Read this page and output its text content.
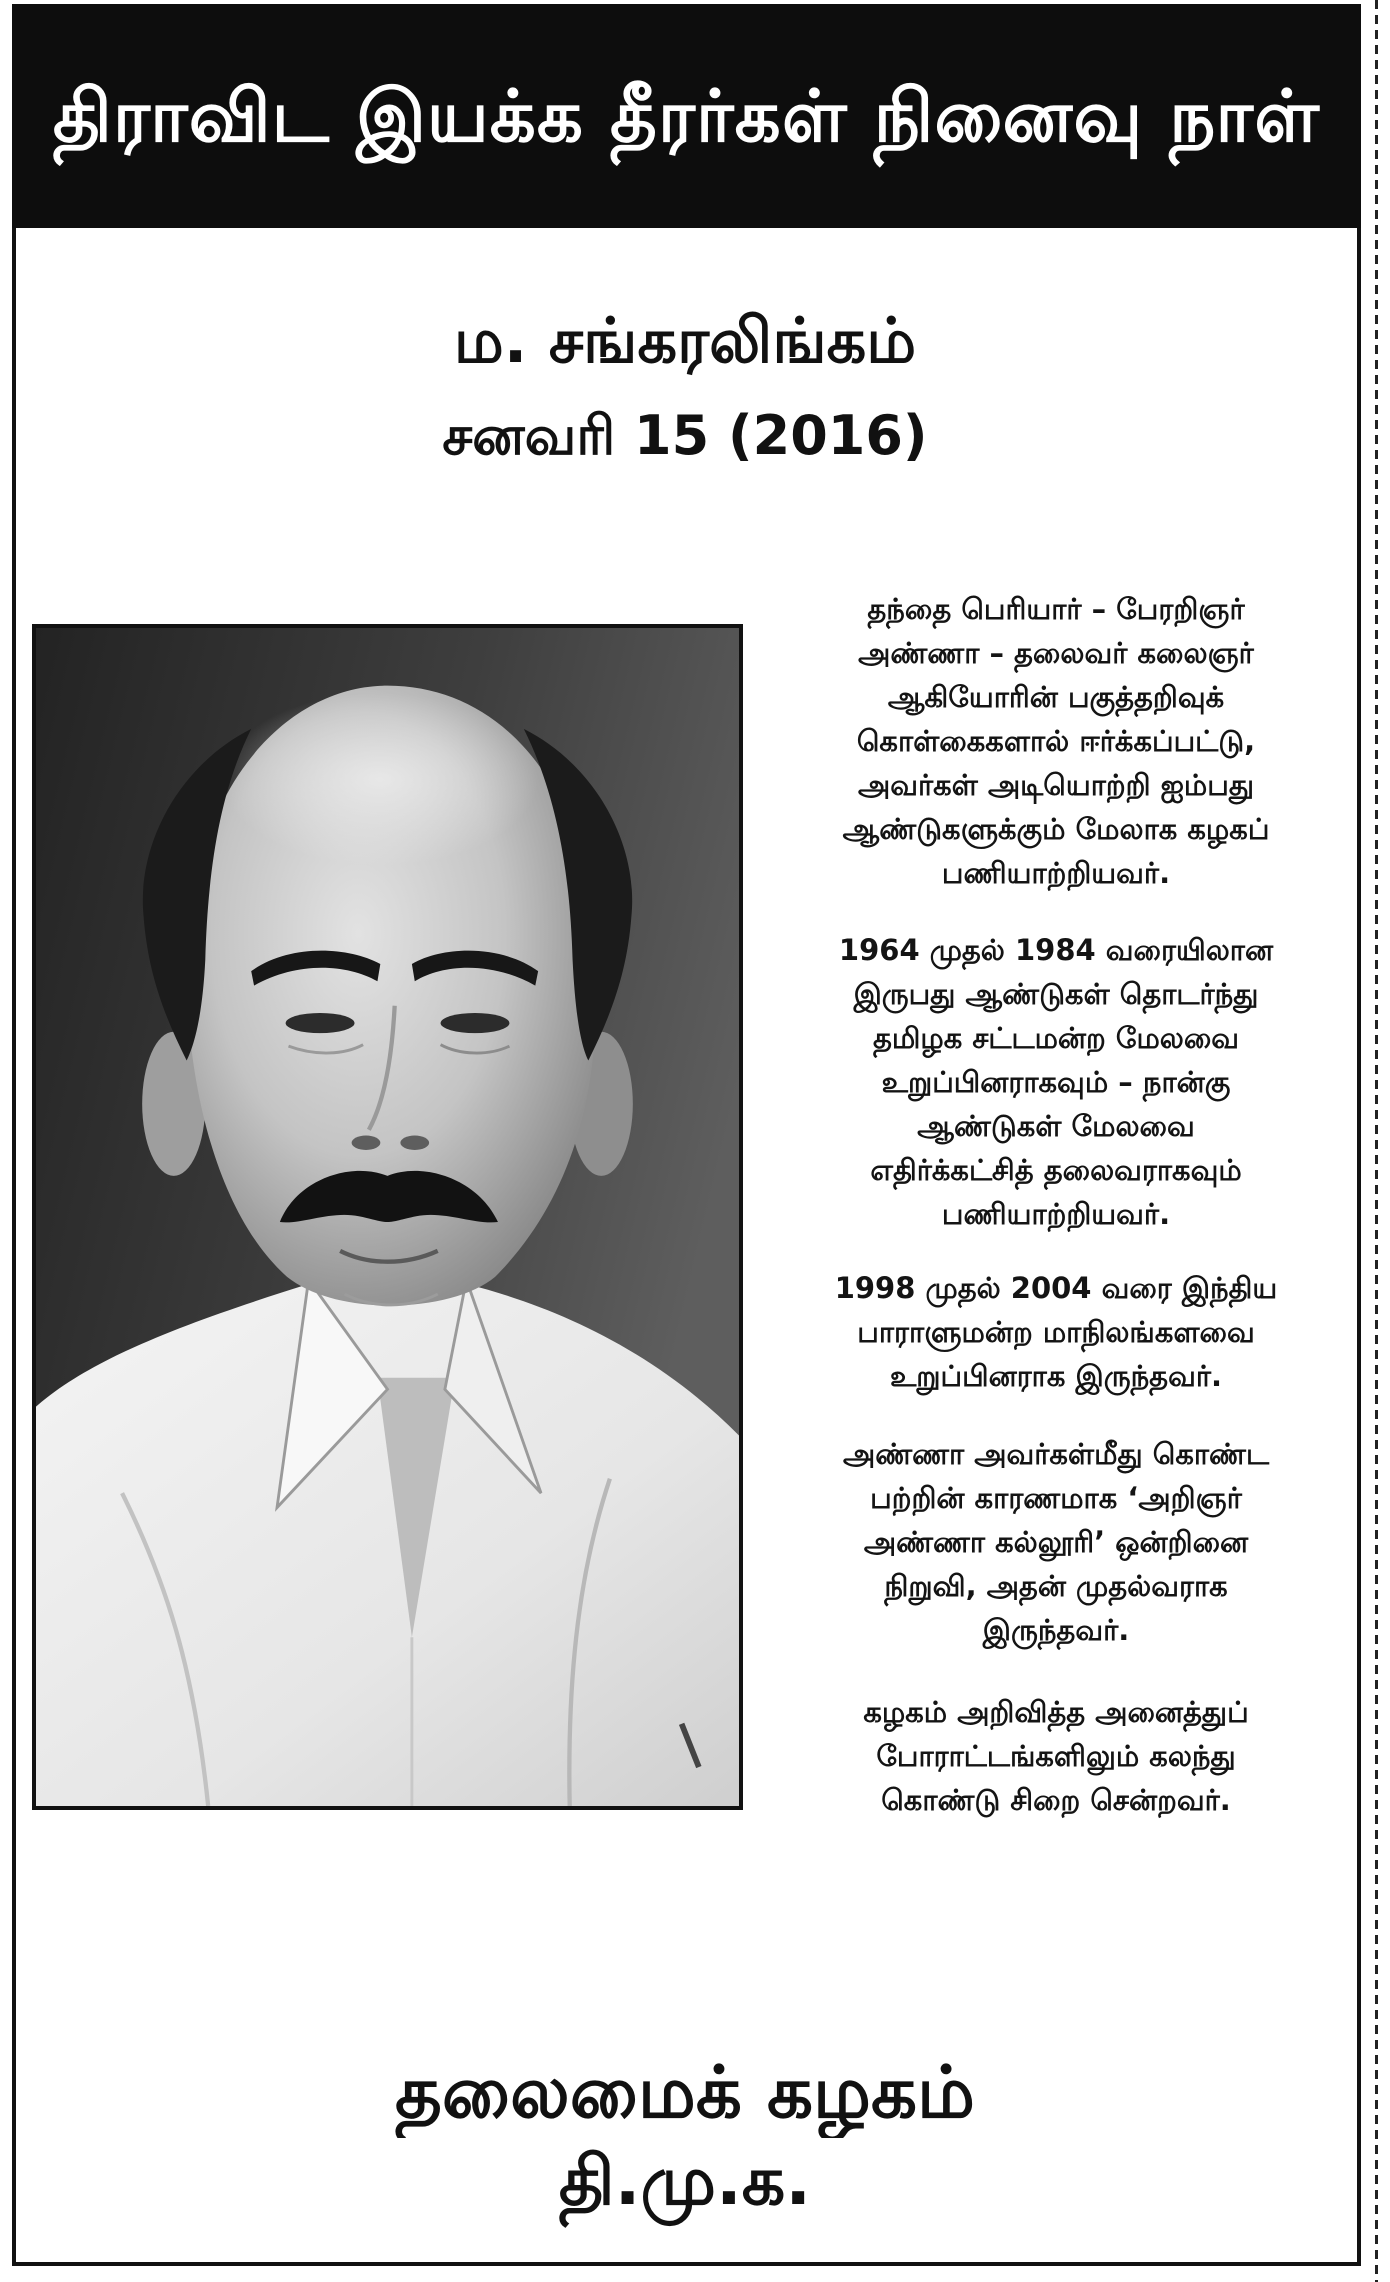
திராவிட இயக்க தீரர்கள் நினைவு நாள்
ம. சங்கரலிங்கம்
சனவரி 15 (2016)
தந்தை பெரியார் – பேரறிஞர்
அண்ணா – தலைவர் கலைஞர்
ஆகியோரின் பகுத்தறிவுக்
கொள்கைகளால் ஈர்க்கப்பட்டு,
அவர்கள் அடியொற்றி ஐம்பது
ஆண்டுகளுக்கும் மேலாக கழகப்
பணியாற்றியவர்.
1964 முதல் 1984 வரையிலான
இருபது ஆண்டுகள் தொடர்ந்து
தமிழக சட்டமன்ற மேலவை
உறுப்பினராகவும் – நான்கு
ஆண்டுகள் மேலவை
எதிர்க்கட்சித் தலைவராகவும்
பணியாற்றியவர்.
1998 முதல் 2004 வரை இந்திய
பாராளுமன்ற மாநிலங்களவை
உறுப்பினராக இருந்தவர்.
அண்ணா அவர்கள்மீது கொண்ட
பற்றின் காரணமாக ‘அறிஞர்
அண்ணா கல்லூரி’ ஒன்றினை
நிறுவி, அதன் முதல்வராக
இருந்தவர்.
கழகம் அறிவித்த அனைத்துப்
போராட்டங்களிலும் கலந்து
கொண்டு சிறை சென்றவர்.
தலைமைக் கழகம்
தி.மு.க.
